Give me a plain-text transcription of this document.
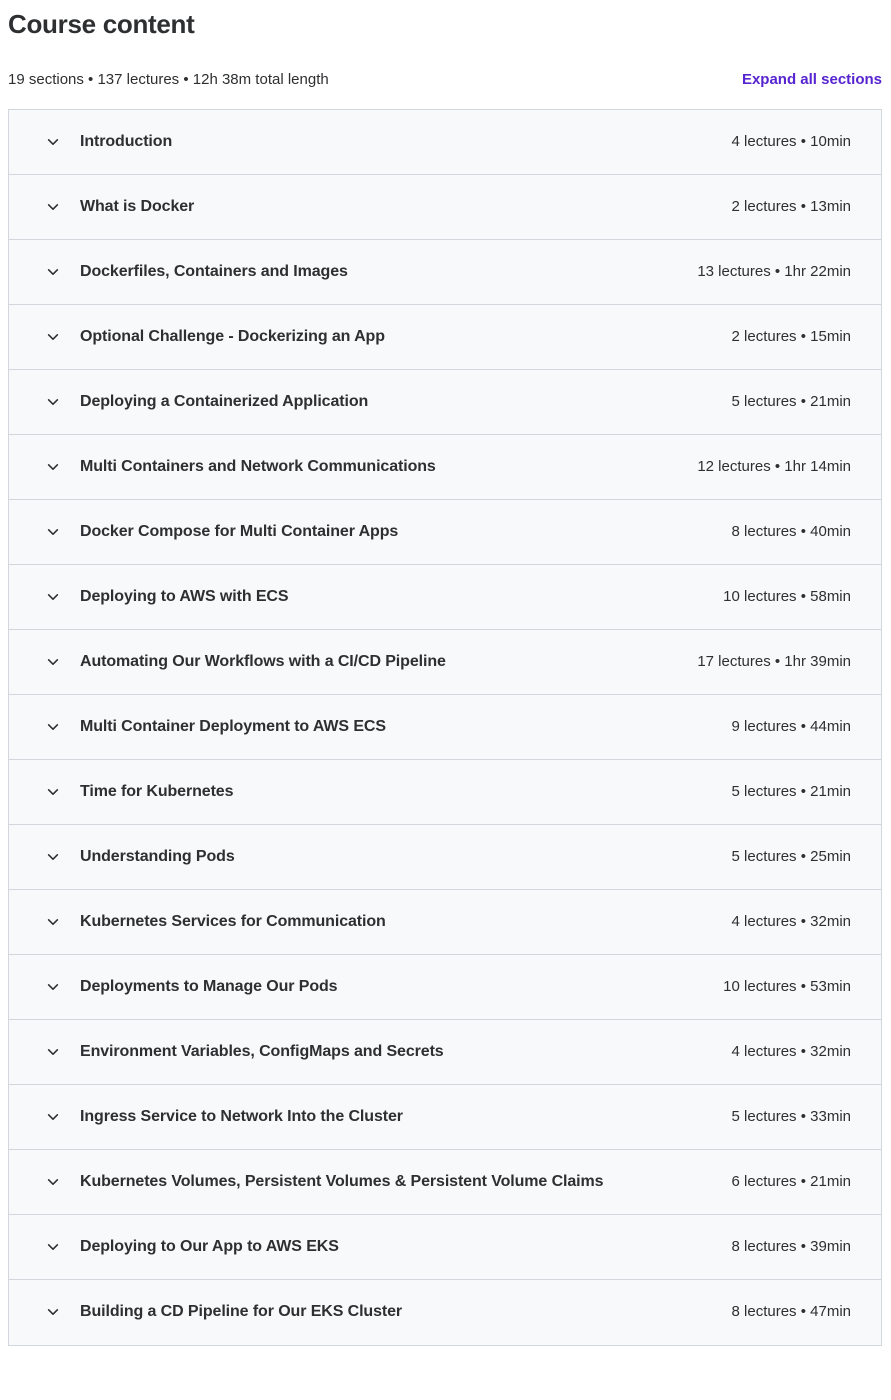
Course content
19 sections • 137 lectures • 12h 38m total length	Expand all sections
Introduction	4 lectures • 10min
What is Docker	2 lectures • 13min
Dockerfiles, Containers and Images	13 lectures • 1hr 22min
Optional Challenge - Dockerizing an App	2 lectures • 15min
Deploying a Containerized Application	5 lectures • 21min
Multi Containers and Network Communications	12 lectures • 1hr 14min
Docker Compose for Multi Container Apps	8 lectures • 40min
Deploying to AWS with ECS	10 lectures • 58min
Automating Our Workflows with a CI/CD Pipeline	17 lectures • 1hr 39min
Multi Container Deployment to AWS ECS	9 lectures • 44min
Time for Kubernetes	5 lectures • 21min
Understanding Pods	5 lectures • 25min
Kubernetes Services for Communication	4 lectures • 32min
Deployments to Manage Our Pods	10 lectures • 53min
Environment Variables, ConfigMaps and Secrets	4 lectures • 32min
Ingress Service to Network Into the Cluster	5 lectures • 33min
Kubernetes Volumes, Persistent Volumes & Persistent Volume Claims	6 lectures • 21min
Deploying to Our App to AWS EKS	8 lectures • 39min
Building a CD Pipeline for Our EKS Cluster	8 lectures • 47min
